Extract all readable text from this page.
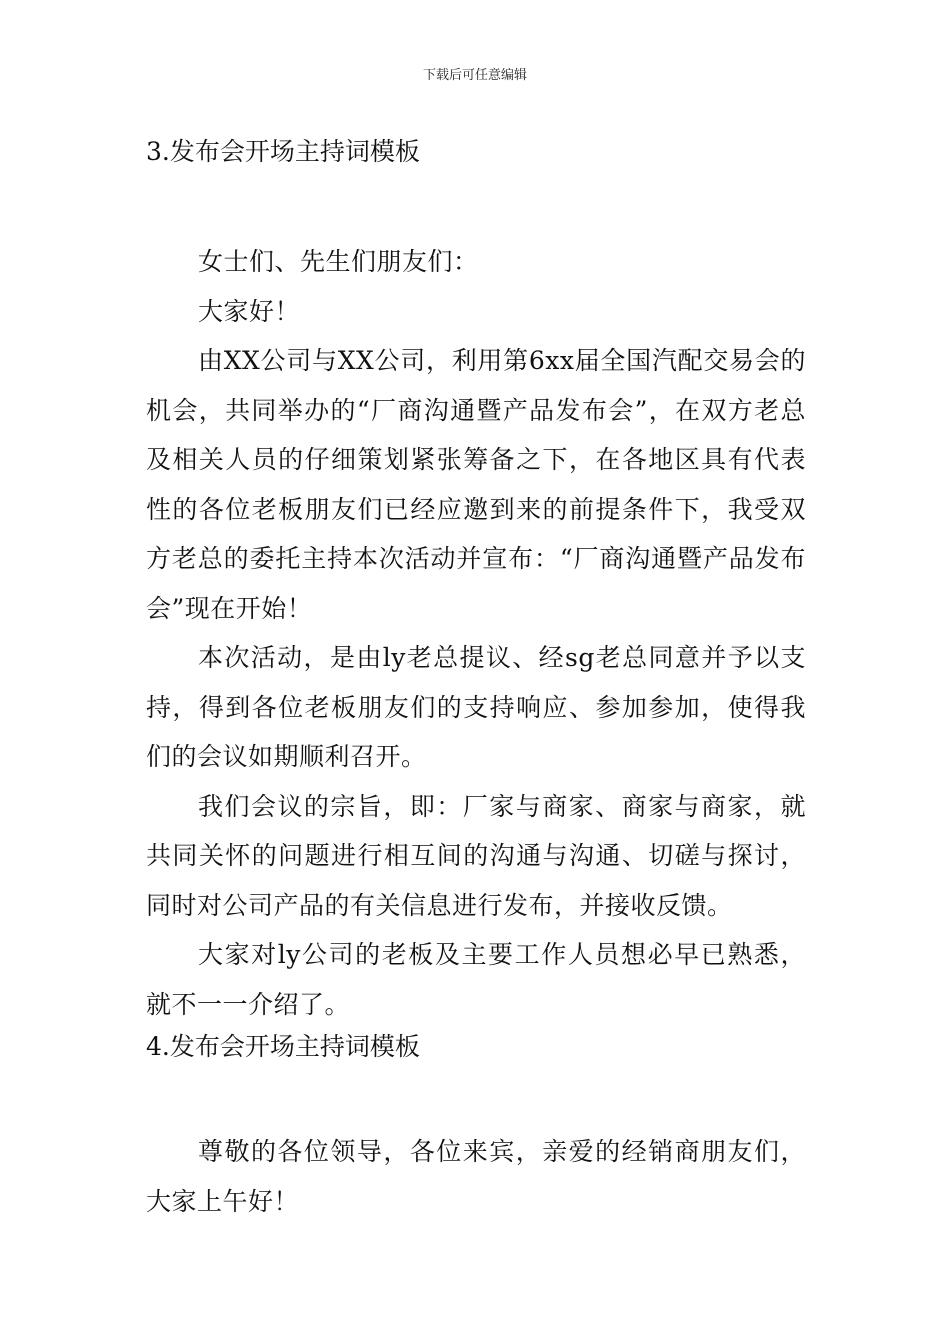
下载后可任意编辑

3.发布会开场主持词模板

女士们、先生们朋友们：

大家好！

由XX公司与XX公司，利用第6xx届全国汽配交易会的机会，共同举办的“厂商沟通暨产品发布会”，在双方老总及相关人员的仔细策划紧张筹备之下，在各地区具有代表性的各位老板朋友们已经应邀到来的前提条件下，我受双方老总的委托主持本次活动并宣布：“厂商沟通暨产品发布会”现在开始！

本次活动，是由ly老总提议、经sg老总同意并予以支持，得到各位老板朋友们的支持响应、参加参加，使得我们的会议如期顺利召开。

我们会议的宗旨，即：厂家与商家、商家与商家，就共同关怀的问题进行相互间的沟通与沟通、切磋与探讨，同时对公司产品的有关信息进行发布，并接收反馈。

大家对ly公司的老板及主要工作人员想必早已熟悉，就不一一介绍了。

4.发布会开场主持词模板

尊敬的各位领导，各位来宾，亲爱的经销商朋友们，大家上午好！
